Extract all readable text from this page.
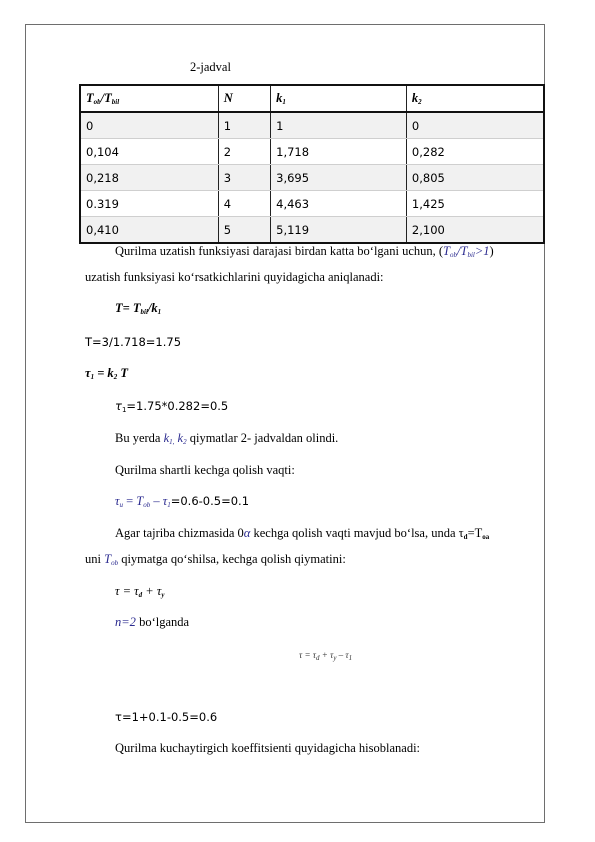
2-jadval
$T_{ob}/T_{bil}$	N	$k_1$	$k_2$
0	1	1	0
0,104	2	1,718	0,282
0,218	3	3,695	0,805
0.319	4	4,463	1,425
0,410	5	5,119	2,100
Qurilma uzatish funksiyasi darajasi birdan katta bo‘lgani uchun, $(T_{ob}/T_{bil}>1)$
uzatish funksiyasi ko‘rsatkichlarini quyidagicha aniqlanadi:
$T= T_{bil}/k_1$
T=3/1.718=1.75
$\tau_1 = k_2$ T
$\tau_1=1.75*0.282=0.5$
Bu yerda $k_{1,}$ $k_2$ qiymatlar 2- jadvaldan olindi.
Qurilma shartli kechga qolish vaqti:
$\tau_u = T_{ob} - \tau_1=0.6-0.5=0.1$
Agar tajriba chizmasida 0α kechga qolish vaqti mavjud bo‘lsa, unda $\tau_d=T_{oa}$
uni $T_{ob}$ qiymatga qo‘shilsa, kechga qolish qiymatini:
$\tau = \tau_d + \tau_y$
n=2 bo‘lganda
$\tau = \tau_d + \tau_y - \tau_1$
τ=1+0.1-0.5=0.6
Qurilma kuchaytirgich koeffitsienti quyidagicha hisoblanadi:
